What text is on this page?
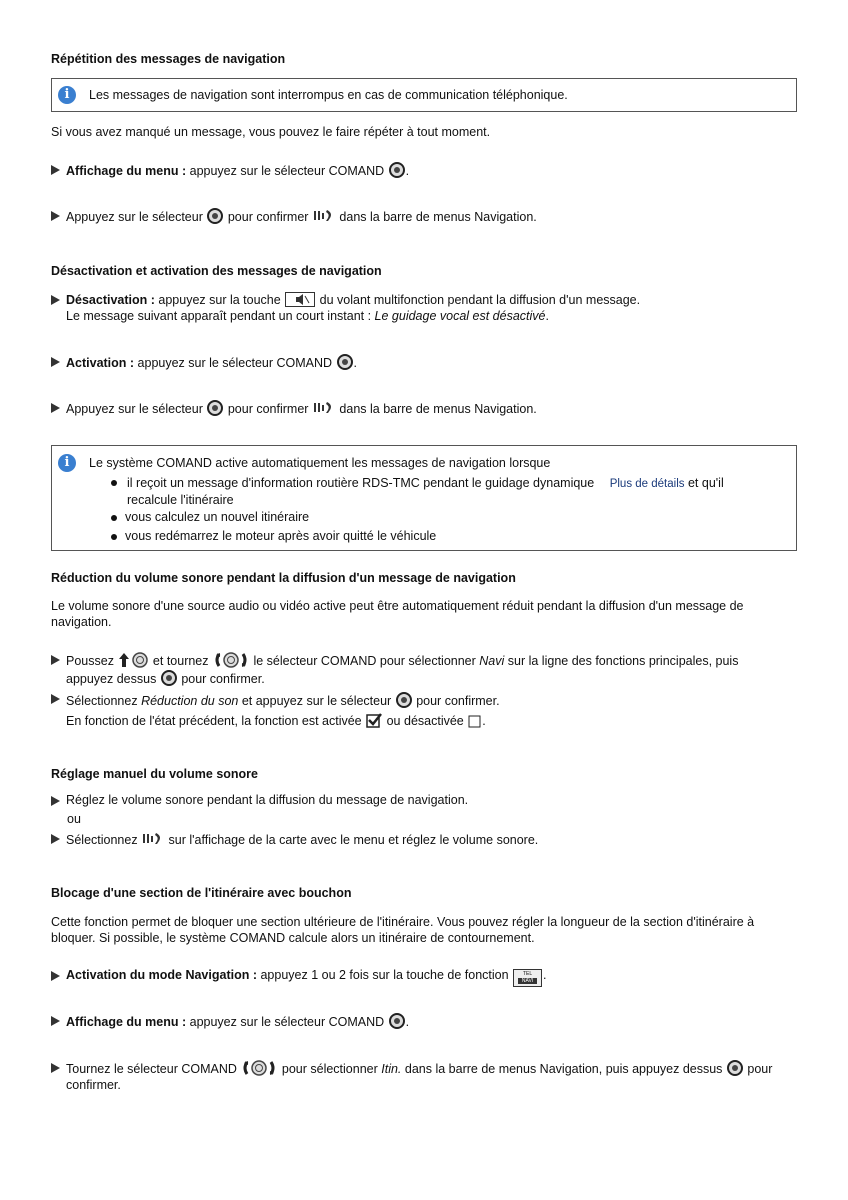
Répétition des messages de navigation
i	Les messages de navigation sont interrompus en cas de communication téléphonique.
Si vous avez manqué un message, vous pouvez le faire répéter à tout moment.
Affichage du menu : appuyez sur le sélecteur COMAND .
Appuyez sur le sélecteur pour confirmer dans la barre de menus Navigation.
Désactivation et activation des messages de navigation
Désactivation : appuyez sur la touche	du volant multifonction pendant la diffusion d'un message.
Le message suivant apparaît pendant un court instant : Le guidage vocal est désactivé.
Activation : appuyez sur le sélecteur COMAND .
Appuyez sur le sélecteur pour confirmer dans la barre de menus Navigation.
i	Le système COMAND active automatiquement les messages de navigation lorsque
il reçoit un message d'information routière RDS-TMC pendant le guidage dynamique Plus de détails et qu'il
recalcule l'itinéraire
vous calculez un nouvel itinéraire
vous redémarrez le moteur après avoir quitté le véhicule
Réduction du volume sonore pendant la diffusion d'un message de navigation
Le volume sonore d'une source audio ou vidéo active peut être automatiquement réduit pendant la diffusion d'un message de
navigation.
Poussez	et tournez	le sélecteur COMAND pour sélectionner Navi sur la ligne des fonctions principales, puis
appuyez dessus pour confirmer.
Sélectionnez Réduction du son et appuyez sur le sélecteur pour confirmer.
En fonction de l'état précédent, la fonction est activée ou désactivée .
Réglage manuel du volume sonore
Réglez le volume sonore pendant la diffusion du message de navigation.
ou
Sélectionnez sur l'affichage de la carte avec le menu et réglez le volume sonore.
Blocage d'une section de l'itinéraire avec bouchon
Cette fonction permet de bloquer une section ultérieure de l'itinéraire. Vous pouvez régler la longueur de la section d'itinéraire à
bloquer. Si possible, le système COMAND calcule alors un itinéraire de contournement.
Activation du mode Navigation : appuyez 1 ou 2 fois sur la touche de fonction	TEL
NAVI .
Affichage du menu : appuyez sur le sélecteur COMAND .
Tournez le sélecteur COMAND	pour sélectionner Itin. dans la barre de menus Navigation, puis appuyez dessus pour
confirmer.
